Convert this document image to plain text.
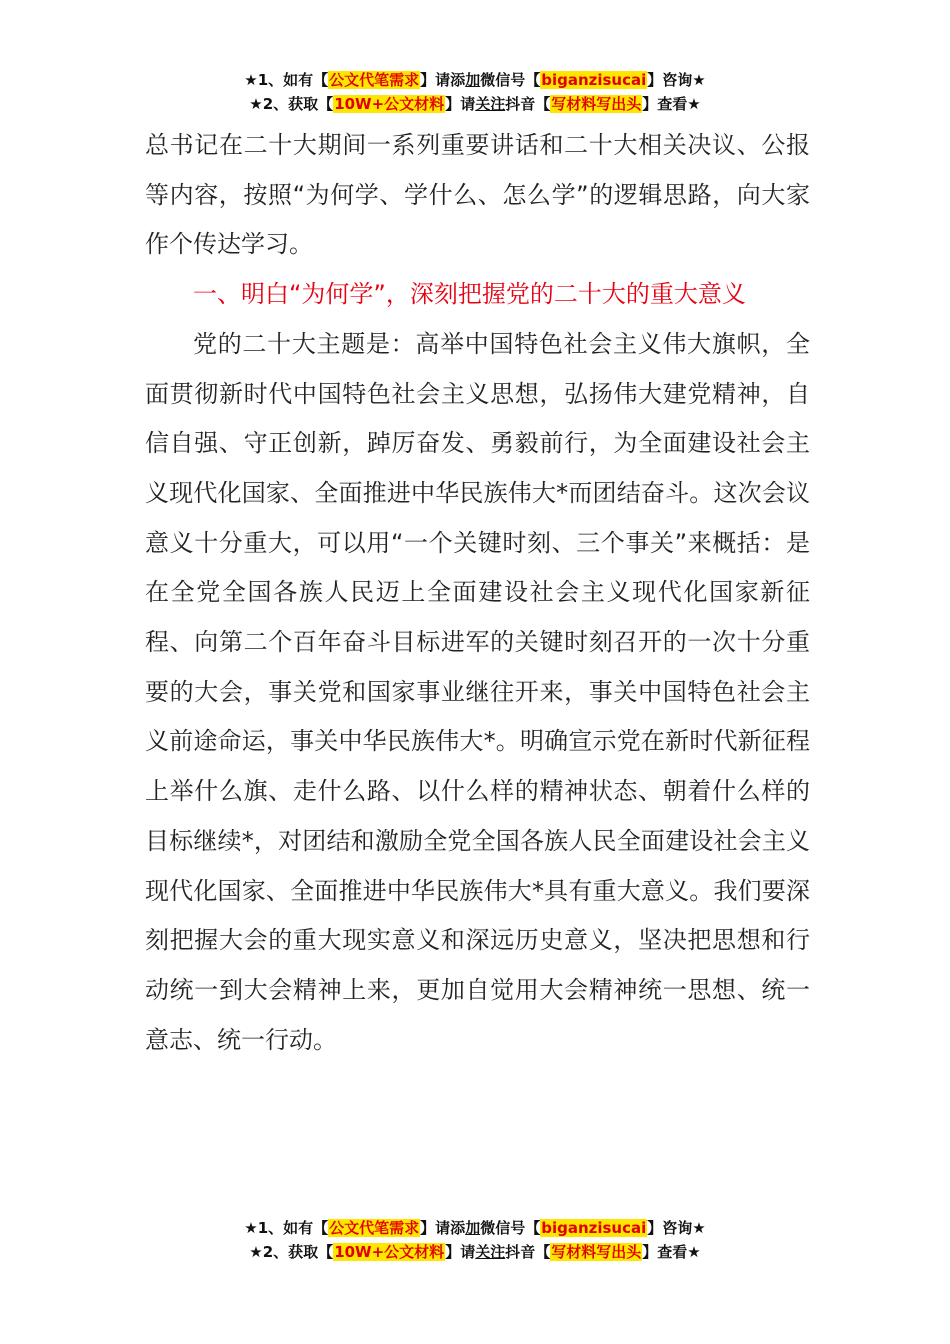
★1、如有【公文代笔需求】请添加微信号【biganzisucai】咨询★
★2、获取【10W+公文材料】请关注抖音【写材料写出头】查看★

总书记在二十大期间一系列重要讲话和二十大相关决议、公报等内容，按照“为何学、学什么、怎么学”的逻辑思路，向大家作个传达学习。

一、明白“为何学”，深刻把握党的二十大的重大意义

党的二十大主题是：高举中国特色社会主义伟大旗帜，全面贯彻新时代中国特色社会主义思想，弘扬伟大建党精神，自信自强、守正创新，踔厉奋发、勇毅前行，为全面建设社会主义现代化国家、全面推进中华民族伟大*而团结奋斗。这次会议意义十分重大，可以用“一个关键时刻、三个事关”来概括：是在全党全国各族人民迈上全面建设社会主义现代化国家新征程、向第二个百年奋斗目标进军的关键时刻召开的一次十分重要的大会，事关党和国家事业继往开来，事关中国特色社会主义前途命运，事关中华民族伟大*。明确宣示党在新时代新征程上举什么旗、走什么路、以什么样的精神状态、朝着什么样的目标继续*，对团结和激励全党全国各族人民全面建设社会主义现代化国家、全面推进中华民族伟大*具有重大意义。我们要深刻把握大会的重大现实意义和深远历史意义，坚决把思想和行动统一到大会精神上来，更加自觉用大会精神统一思想、统一意志、统一行动。

★1、如有【公文代笔需求】请添加微信号【biganzisucai】咨询★
★2、获取【10W+公文材料】请关注抖音【写材料写出头】查看★
